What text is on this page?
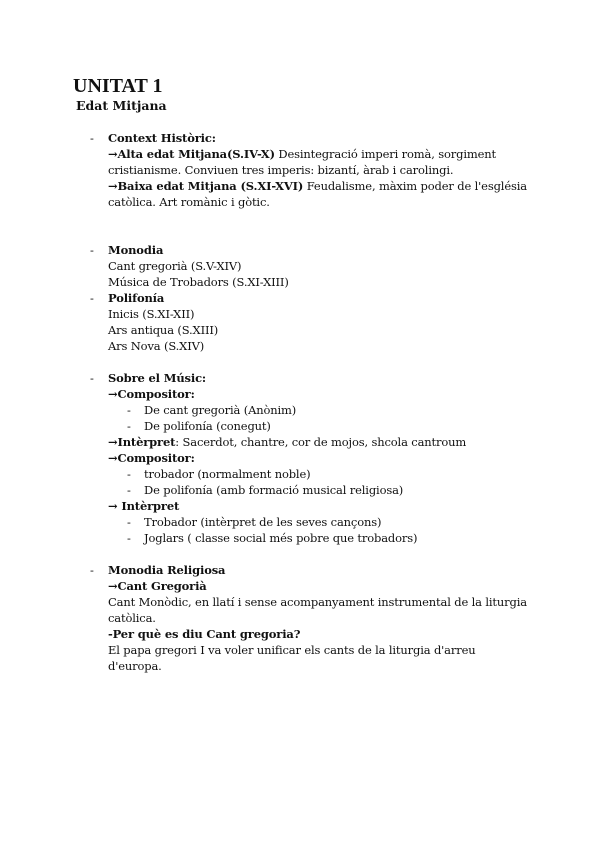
UNITAT 1
Edat Mitjana
- Context Històric:
→Alta edat Mitjana(S.IV-X) Desintegració imperi romà, sorgiment
cristianisme. Conviuen tres imperis: bizantí, àrab i carolingi.
→Baixa edat Mitjana (S.XI-XVI) Feudalisme, màxim poder de l'església
catòlica. Art romànic i gòtic.
- Monodia
Cant gregorià (S.V-XIV)
Música de Trobadors (S.XI-XIII)
- Polifonía
Inicis (S.XI-XII)
Ars antiqua (S.XIII)
Ars Nova (S.XIV)
- Sobre el Músic:
→Compositor:
- De cant gregorià (Anònim)
- De polifonía (conegut)
→Intèrpret: Sacerdot, chantre, cor de mojos, shcola cantroum
→Compositor:
- trobador (normalment noble)
- De polifonía (amb formació musical religiosa)
→ Intèrpret
- Trobador (intèrpret de les seves cançons)
- Joglars ( classe social més pobre que trobadors)
- Monodia Religiosa
→Cant Gregorià
Cant Monòdic, en llatí i sense acompanyament instrumental de la liturgia
catòlica.
-Per què es diu Cant gregoria?
El papa gregori I va voler unificar els cants de la liturgia d'arreu d'europa.
